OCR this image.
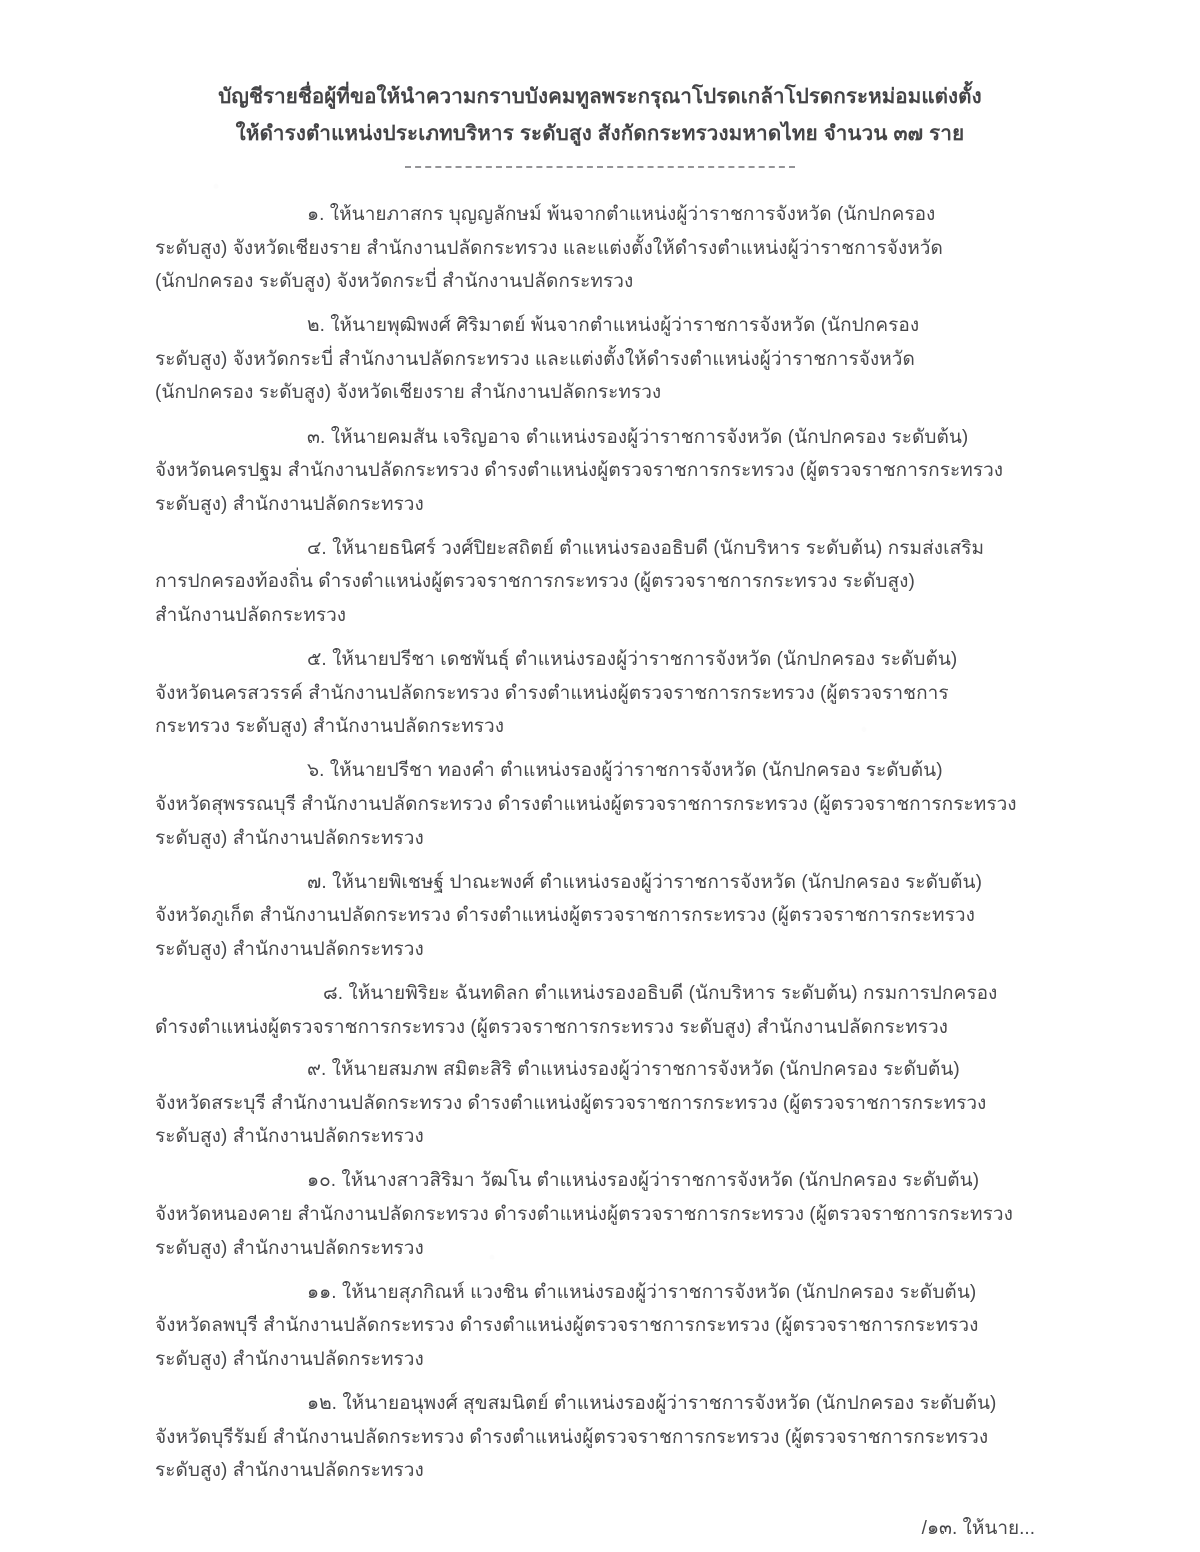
บัญชีรายชื่อผู้ที่ขอให้นำความกราบบังคมทูลพระกรุณาโปรดเกล้าโปรดกระหม่อมแต่งตั้ง
ให้ดำรงตำแหน่งประเภทบริหาร ระดับสูง สังกัดกระทรวงมหาดไทย จำนวน ๓๗ ราย

๑. ให้นายภาสกร บุญญลักษม์ พ้นจากตำแหน่งผู้ว่าราชการจังหวัด (นักปกครอง
ระดับสูง) จังหวัดเชียงราย สำนักงานปลัดกระทรวง และแต่งตั้งให้ดำรงตำแหน่งผู้ว่าราชการจังหวัด
(นักปกครอง ระดับสูง) จังหวัดกระบี่ สำนักงานปลัดกระทรวง

๒. ให้นายพุฒิพงศ์ ศิริมาตย์ พ้นจากตำแหน่งผู้ว่าราชการจังหวัด (นักปกครอง
ระดับสูง) จังหวัดกระบี่ สำนักงานปลัดกระทรวง และแต่งตั้งให้ดำรงตำแหน่งผู้ว่าราชการจังหวัด
(นักปกครอง ระดับสูง) จังหวัดเชียงราย สำนักงานปลัดกระทรวง

๓. ให้นายคมสัน เจริญอาจ ตำแหน่งรองผู้ว่าราชการจังหวัด (นักปกครอง ระดับต้น)
จังหวัดนครปฐม สำนักงานปลัดกระทรวง ดำรงตำแหน่งผู้ตรวจราชการกระทรวง (ผู้ตรวจราชการกระทรวง
ระดับสูง) สำนักงานปลัดกระทรวง

๔. ให้นายธนิศร์ วงศ์ปิยะสถิตย์ ตำแหน่งรองอธิบดี (นักบริหาร ระดับต้น) กรมส่งเสริม
การปกครองท้องถิ่น ดำรงตำแหน่งผู้ตรวจราชการกระทรวง (ผู้ตรวจราชการกระทรวง ระดับสูง)
สำนักงานปลัดกระทรวง

๕. ให้นายปรีชา เดชพันธุ์ ตำแหน่งรองผู้ว่าราชการจังหวัด (นักปกครอง ระดับต้น)
จังหวัดนครสวรรค์ สำนักงานปลัดกระทรวง ดำรงตำแหน่งผู้ตรวจราชการกระทรวง (ผู้ตรวจราชการ
กระทรวง ระดับสูง) สำนักงานปลัดกระทรวง

๖. ให้นายปรีชา ทองคำ ตำแหน่งรองผู้ว่าราชการจังหวัด (นักปกครอง ระดับต้น)
จังหวัดสุพรรณบุรี สำนักงานปลัดกระทรวง ดำรงตำแหน่งผู้ตรวจราชการกระทรวง (ผู้ตรวจราชการกระทรวง
ระดับสูง) สำนักงานปลัดกระทรวง

๗. ให้นายพิเชษฐ์ ปาณะพงศ์ ตำแหน่งรองผู้ว่าราชการจังหวัด (นักปกครอง ระดับต้น)
จังหวัดภูเก็ต สำนักงานปลัดกระทรวง ดำรงตำแหน่งผู้ตรวจราชการกระทรวง (ผู้ตรวจราชการกระทรวง
ระดับสูง) สำนักงานปลัดกระทรวง

๘. ให้นายพิริยะ ฉันทดิลก ตำแหน่งรองอธิบดี (นักบริหาร ระดับต้น) กรมการปกครอง
ดำรงตำแหน่งผู้ตรวจราชการกระทรวง (ผู้ตรวจราชการกระทรวง ระดับสูง) สำนักงานปลัดกระทรวง

๙. ให้นายสมภพ สมิตะสิริ ตำแหน่งรองผู้ว่าราชการจังหวัด (นักปกครอง ระดับต้น)
จังหวัดสระบุรี สำนักงานปลัดกระทรวง ดำรงตำแหน่งผู้ตรวจราชการกระทรวง (ผู้ตรวจราชการกระทรวง
ระดับสูง) สำนักงานปลัดกระทรวง

๑๐. ให้นางสาวสิริมา วัฒโน ตำแหน่งรองผู้ว่าราชการจังหวัด (นักปกครอง ระดับต้น)
จังหวัดหนองคาย สำนักงานปลัดกระทรวง ดำรงตำแหน่งผู้ตรวจราชการกระทรวง (ผู้ตรวจราชการกระทรวง
ระดับสูง) สำนักงานปลัดกระทรวง

๑๑. ให้นายสุภกิณห์ แวงชิน ตำแหน่งรองผู้ว่าราชการจังหวัด (นักปกครอง ระดับต้น)
จังหวัดลพบุรี สำนักงานปลัดกระทรวง ดำรงตำแหน่งผู้ตรวจราชการกระทรวง (ผู้ตรวจราชการกระทรวง
ระดับสูง) สำนักงานปลัดกระทรวง

๑๒. ให้นายอนุพงศ์ สุขสมนิตย์ ตำแหน่งรองผู้ว่าราชการจังหวัด (นักปกครอง ระดับต้น)
จังหวัดบุรีรัมย์ สำนักงานปลัดกระทรวง ดำรงตำแหน่งผู้ตรวจราชการกระทรวง (ผู้ตรวจราชการกระทรวง
ระดับสูง) สำนักงานปลัดกระทรวง

/๑๓. ให้นาย...
